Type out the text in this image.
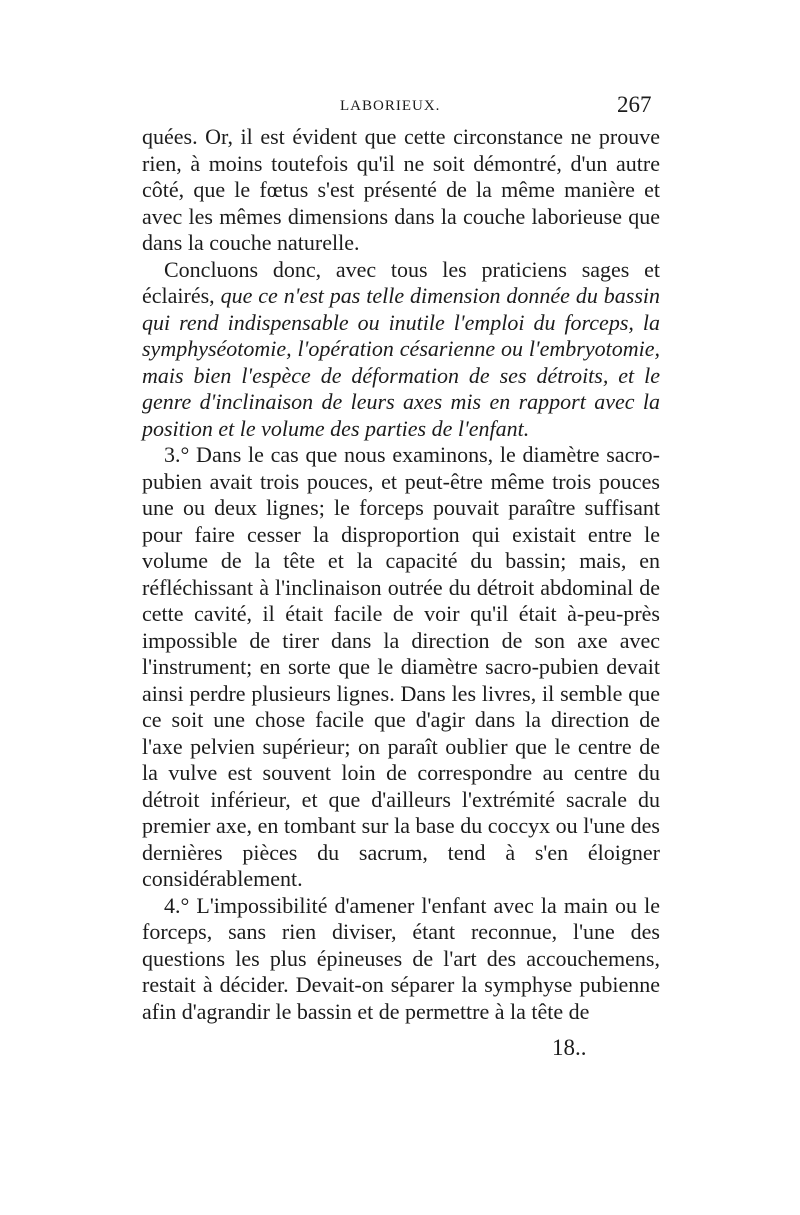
LABORIEUX.	267

quées. Or, il est évident que cette circonstance ne prouve rien, à moins toutefois qu'il ne soit démontré, d'un autre côté, que le fœtus s'est présenté de la même manière et avec les mêmes dimensions dans la couche laborieuse que dans la couche naturelle.

Concluons donc, avec tous les praticiens sages et éclairés, que ce n'est pas telle dimension donnée du bassin qui rend indispensable ou inutile l'emploi du forceps, la symphyséotomie, l'opération césarienne ou l'embryotomie, mais bien l'espèce de déformation de ses détroits, et le genre d'inclinaison de leurs axes mis en rapport avec la position et le volume des parties de l'enfant.

3.° Dans le cas que nous examinons, le diamètre sacro-pubien avait trois pouces, et peut-être même trois pouces une ou deux lignes; le forceps pouvait paraître suffisant pour faire cesser la disproportion qui existait entre le volume de la tête et la capacité du bassin; mais, en réfléchissant à l'inclinaison outrée du détroit abdominal de cette cavité, il était facile de voir qu'il était à-peu-près impossible de tirer dans la direction de son axe avec l'instrument; en sorte que le diamètre sacro-pubien devait ainsi perdre plusieurs lignes. Dans les livres, il semble que ce soit une chose facile que d'agir dans la direction de l'axe pelvien supérieur; on paraît oublier que le centre de la vulve est souvent loin de correspondre au centre du détroit inférieur, et que d'ailleurs l'extrémité sacrale du premier axe, en tombant sur la base du coccyx ou l'une des dernières pièces du sacrum, tend à s'en éloigner considérablement.

4.° L'impossibilité d'amener l'enfant avec la main ou le forceps, sans rien diviser, étant reconnue, l'une des questions les plus épineuses de l'art des accouchemens, restait à décider. Devait-on séparer la symphyse pubienne afin d'agrandir le bassin et de permettre à la tête de

18..
